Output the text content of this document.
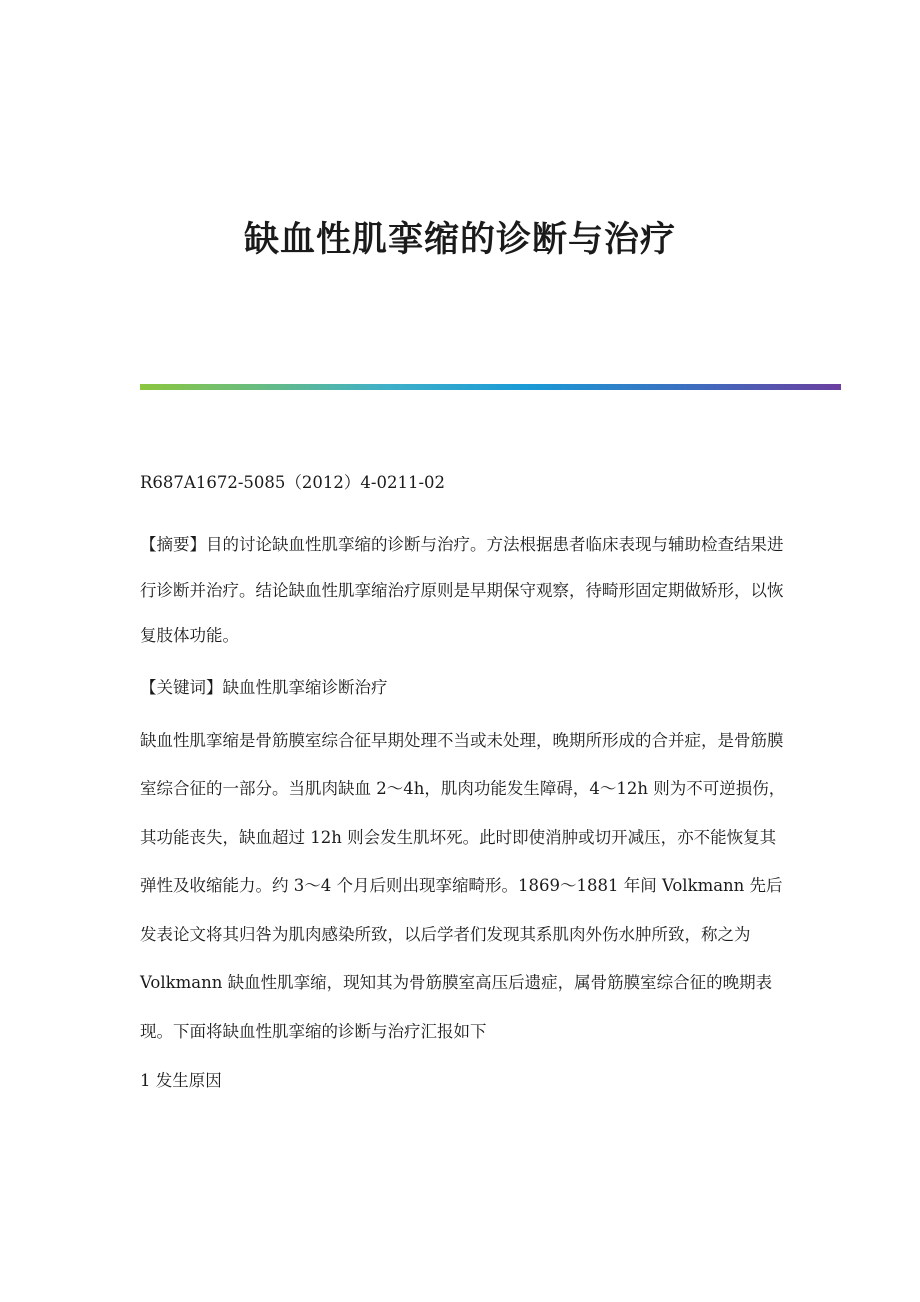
缺血性肌挛缩的诊断与治疗

R687A1672-5085（2012）4-0211-02

【摘要】目的讨论缺血性肌挛缩的诊断与治疗。方法根据患者临床表现与辅助检查结果进行诊断并治疗。结论缺血性肌挛缩治疗原则是早期保守观察，待畸形固定期做矫形，以恢复肢体功能。

【关键词】缺血性肌挛缩诊断治疗

缺血性肌挛缩是骨筋膜室综合征早期处理不当或未处理，晚期所形成的合并症，是骨筋膜室综合征的一部分。当肌肉缺血 2～4h，肌肉功能发生障碍，4～12h 则为不可逆损伤，其功能丧失，缺血超过 12h 则会发生肌坏死。此时即使消肿或切开减压，亦不能恢复其弹性及收缩能力。约 3～4 个月后则出现挛缩畸形。1869～1881 年间 Volkmann 先后发表论文将其归咎为肌肉感染所致，以后学者们发现其系肌肉外伤水肿所致，称之为 Volkmann 缺血性肌挛缩，现知其为骨筋膜室高压后遗症，属骨筋膜室综合征的晚期表现。下面将缺血性肌挛缩的诊断与治疗汇报如下

1 发生原因
